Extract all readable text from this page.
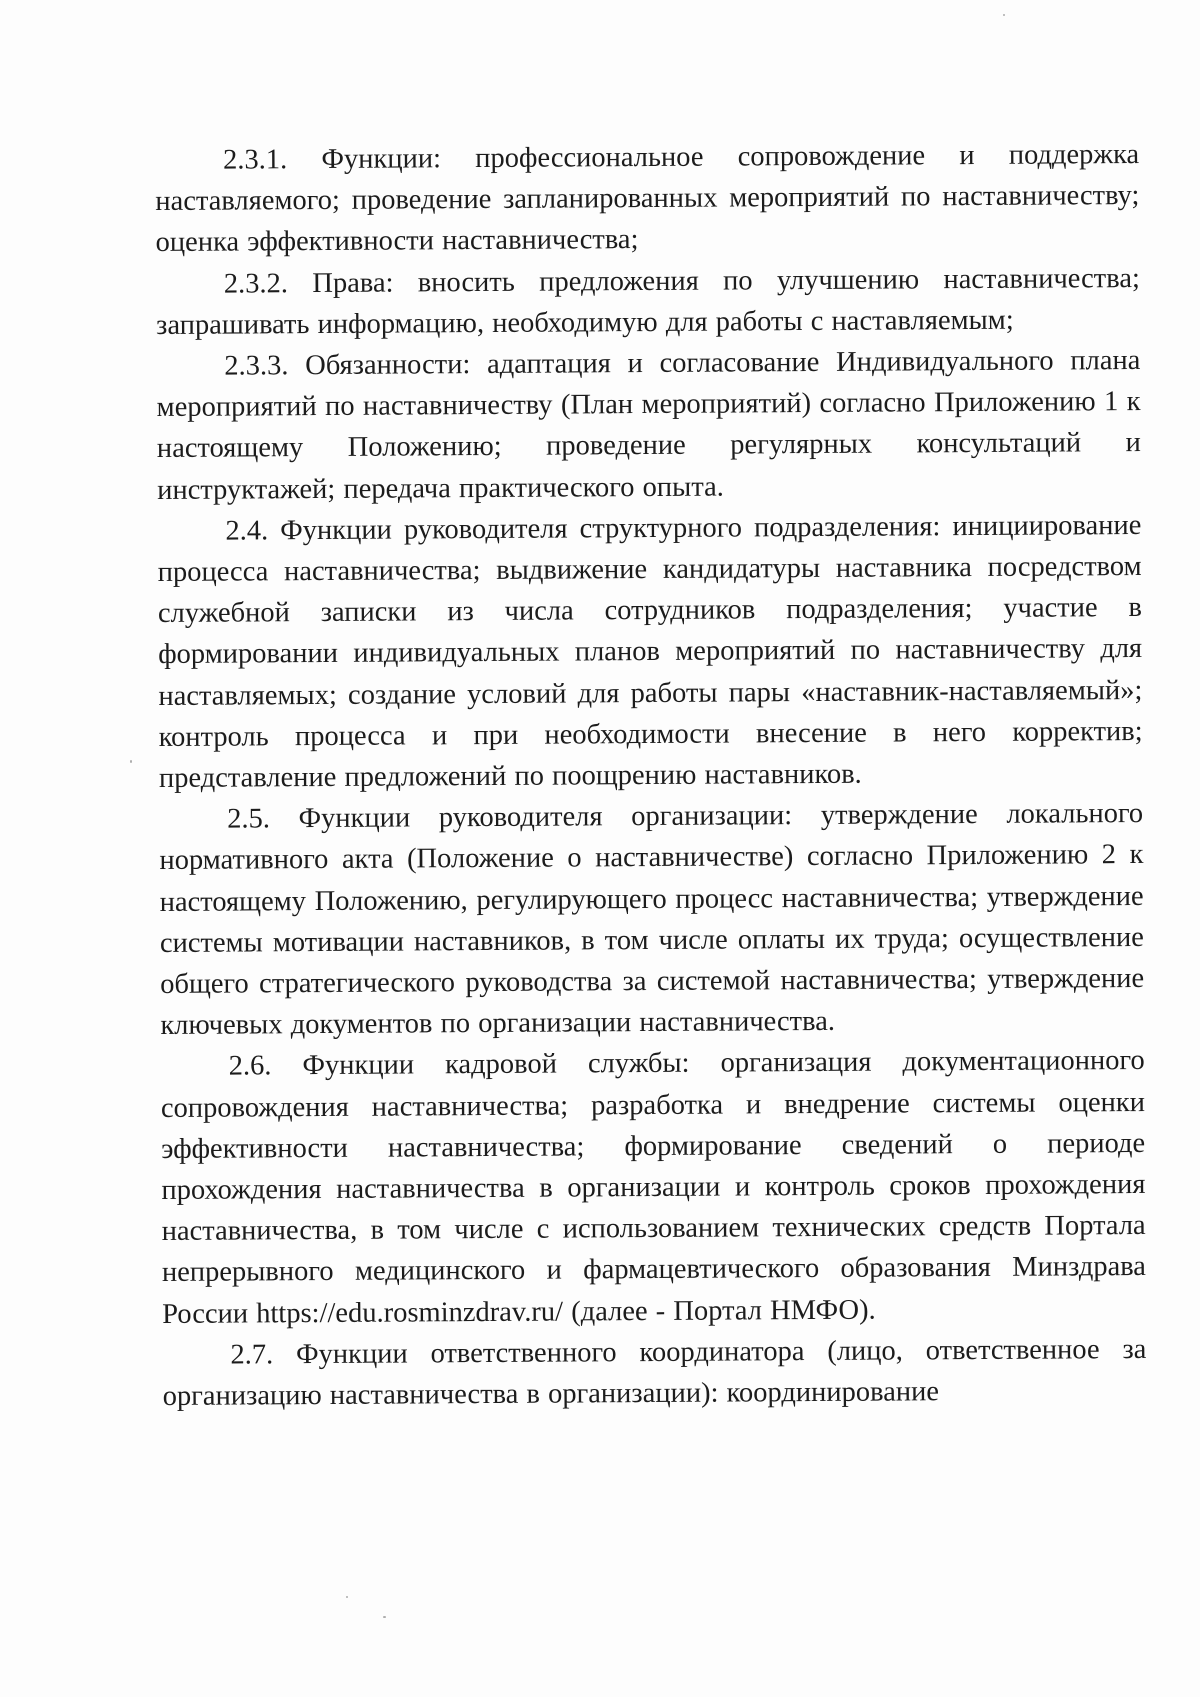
2.3.1. Функции: профессиональное сопровождение и поддержка наставляемого; проведение запланированных мероприятий по наставничеству; оценка эффективности наставничества;

2.3.2. Права: вносить предложения по улучшению наставничества; запрашивать информацию, необходимую для работы с наставляемым;

2.3.3. Обязанности: адаптация и согласование Индивидуального плана мероприятий по наставничеству (План мероприятий) согласно Приложению 1 к настоящему Положению; проведение регулярных консультаций и инструктажей; передача практического опыта.

2.4. Функции руководителя структурного подразделения: инициирование процесса наставничества; выдвижение кандидатуры наставника посредством служебной записки из числа сотрудников подразделения; участие в формировании индивидуальных планов мероприятий по наставничеству для наставляемых; создание условий для работы пары «наставник-наставляемый»; контроль процесса и при необходимости внесение в него корректив; представление предложений по поощрению наставников.

2.5. Функции руководителя организации: утверждение локального нормативного акта (Положение о наставничестве) согласно Приложению 2 к настоящему Положению, регулирующего процесс наставничества; утверждение системы мотивации наставников, в том числе оплаты их труда; осуществление общего стратегического руководства за системой наставничества; утверждение ключевых документов по организации наставничества.

2.6. Функции кадровой службы: организация документационного сопровождения наставничества; разработка и внедрение системы оценки эффективности наставничества; формирование сведений о периоде прохождения наставничества в организации и контроль сроков прохождения наставничества, в том числе с использованием технических средств Портала непрерывного медицинского и фармацевтического образования Минздрава России https://edu.rosminzdrav.ru/ (далее - Портал НМФО).

2.7. Функции ответственного координатора (лицо, ответственное за организацию наставничества в организации): координирование
